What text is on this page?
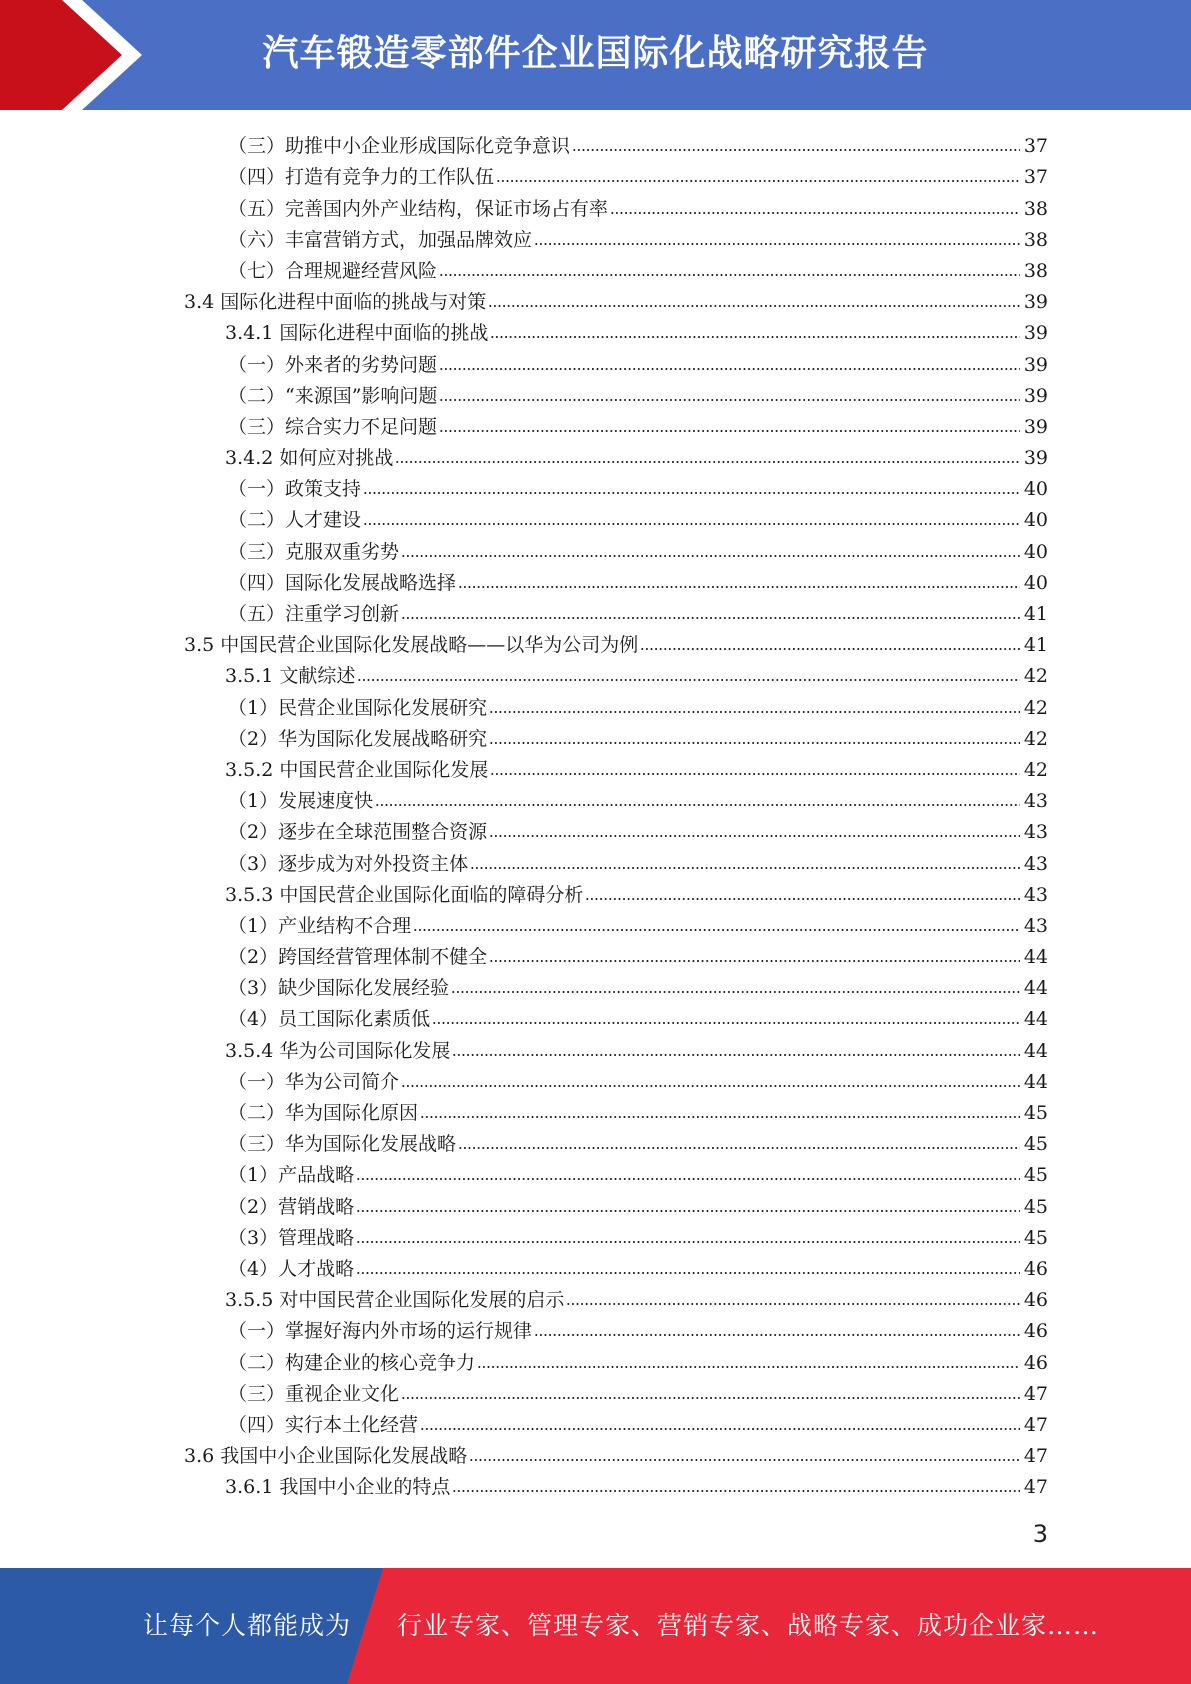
汽车锻造零部件企业国际化战略研究报告
（三）助推中小企业形成国际化竞争意识	37
（四）打造有竞争力的工作队伍	37
（五）完善国内外产业结构，保证市场占有率	38
（六）丰富营销方式，加强品牌效应	38
（七）合理规避经营风险	38
3.4 国际化进程中面临的挑战与对策	39
3.4.1 国际化进程中面临的挑战	39
（一）外来者的劣势问题	39
（二）“来源国”影响问题	39
（三）综合实力不足问题	39
3.4.2 如何应对挑战	39
（一）政策支持	40
（二）人才建设	40
（三）克服双重劣势	40
（四）国际化发展战略选择	40
（五）注重学习创新	41
3.5 中国民营企业国际化发展战略——以华为公司为例	41
3.5.1 文献综述	42
（1）民营企业国际化发展研究	42
（2）华为国际化发展战略研究	42
3.5.2 中国民营企业国际化发展	42
（1）发展速度快	43
（2）逐步在全球范围整合资源	43
（3）逐步成为对外投资主体	43
3.5.3 中国民营企业国际化面临的障碍分析	43
（1）产业结构不合理	43
（2）跨国经营管理体制不健全	44
（3）缺少国际化发展经验	44
（4）员工国际化素质低	44
3.5.4 华为公司国际化发展	44
（一）华为公司简介	44
（二）华为国际化原因	45
（三）华为国际化发展战略	45
（1）产品战略	45
（2）营销战略	45
（3）管理战略	45
（4）人才战略	46
3.5.5 对中国民营企业国际化发展的启示	46
（一）掌握好海内外市场的运行规律	46
（二）构建企业的核心竞争力	46
（三）重视企业文化	47
（四）实行本土化经营	47
3.6 我国中小企业国际化发展战略	47
3.6.1 我国中小企业的特点	47
3
让每个人都能成为 行业专家、管理专家、营销专家、战略专家、成功企业家……
